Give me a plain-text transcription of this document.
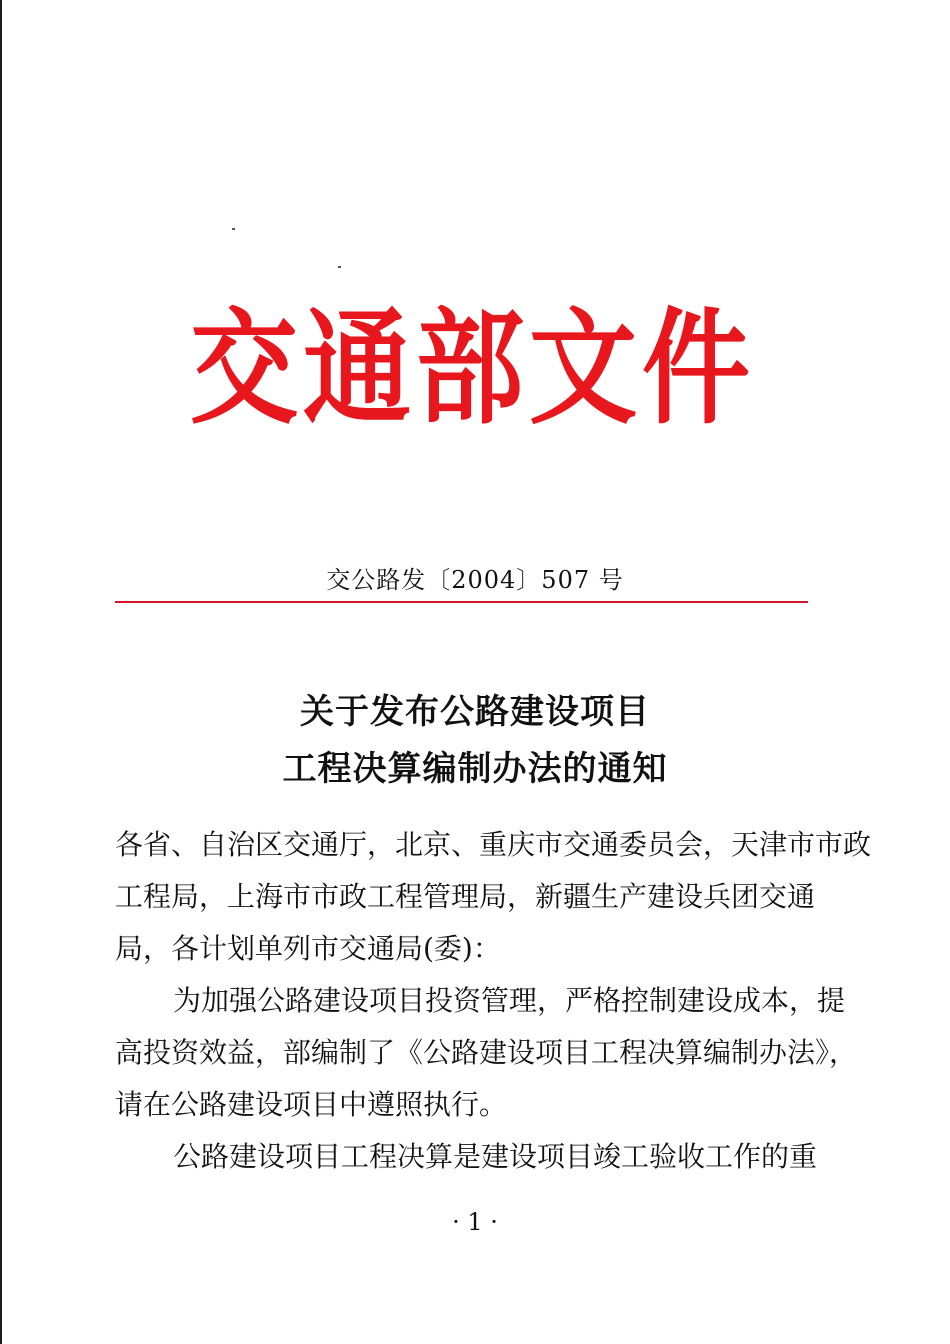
交 通 部 文 件
交公路发〔2004〕507 号
关于发布公路建设项目
工程决算编制办法的通知
各省、自治区交通厅，北京、重庆市交通委员会，天津市市政
工程局，上海市市政工程管理局，新疆生产建设兵团交通
局，各计划单列市交通局(委)：
为加强公路建设项目投资管理，严格控制建设成本，提
高投资效益，部编制了《公路建设项目工程决算编制办法》，
请在公路建设项目中遵照执行。
公路建设项目工程决算是建设项目竣工验收工作的重
· 1 ·
